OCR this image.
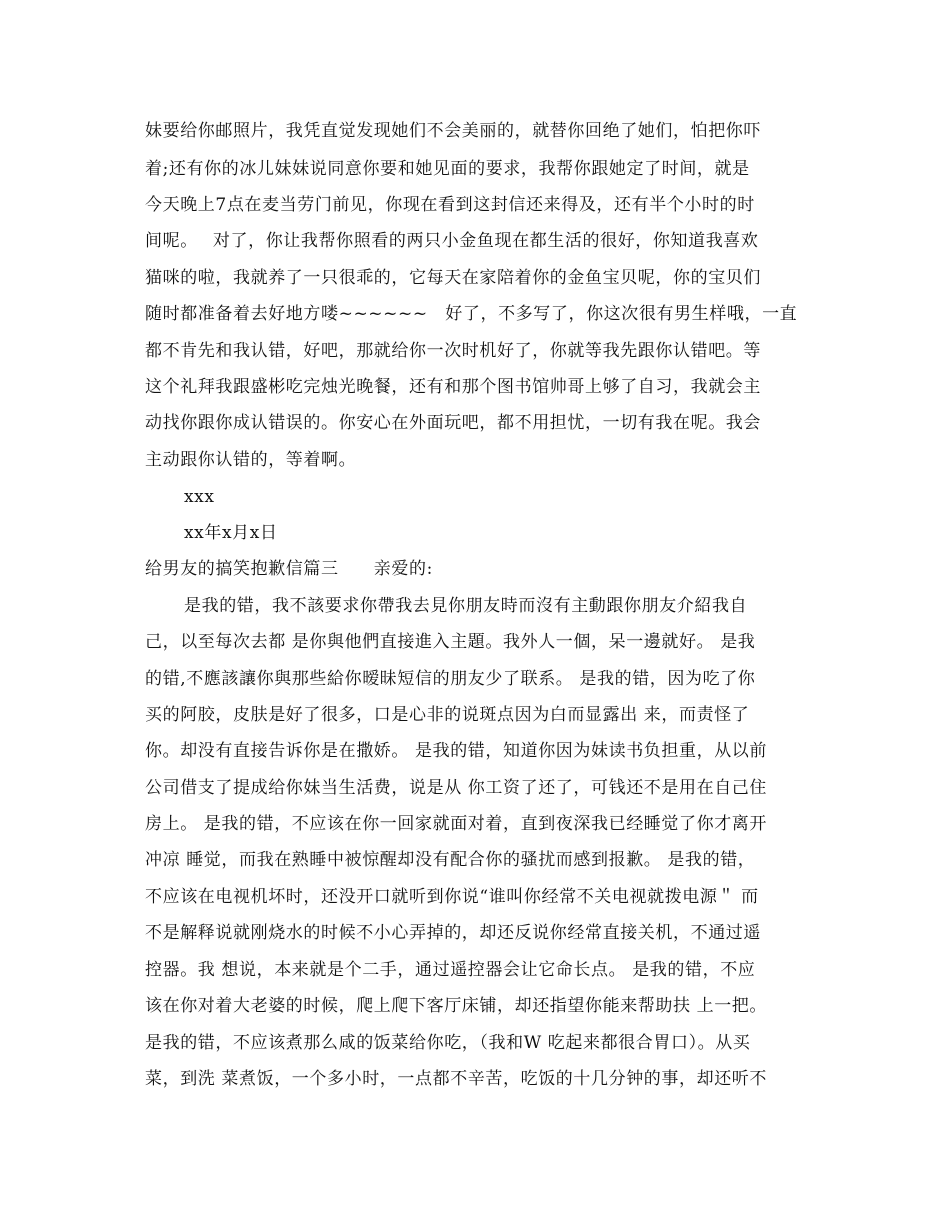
妹要给你邮照片，我凭直觉发现她们不会美丽的，就替你回绝了她们，怕把你吓
着;还有你的冰儿妹妹说同意你要和她见面的要求，我帮你跟她定了时间，就是
今天晚上7点在麦当劳门前见，你现在看到这封信还来得及，还有半个小时的时
间呢。　 对了，你让我帮你照看的两只小金鱼现在都生活的很好，你知道我喜欢
猫咪的啦，我就养了一只很乖的，它每天在家陪着你的金鱼宝贝呢，你的宝贝们
随时都准备着去好地方喽~~~~~~　好了，不多写了，你这次很有男生样哦，一直
都不肯先和我认错，好吧，那就给你一次时机好了，你就等我先跟你认错吧。等
这个礼拜我跟盛彬吃完烛光晚餐，还有和那个图书馆帅哥上够了自习，我就会主
动找你跟你成认错误的。你安心在外面玩吧，都不用担忧，一切有我在呢。我会
主动跟你认错的，等着啊。
xxx
xx年x月x日
给男友的搞笑抱歉信篇三　　亲爱的:
是我的错，我不該要求你帶我去見你朋友時而沒有主動跟你朋友介紹我自
己，以至每次去都 是你與他們直接進入主題。我外人一個，呆一邊就好。 是我
的错,不應該讓你與那些給你暧昧短信的朋友少了联系。 是我的错，因为吃了你
买的阿胶，皮肤是好了很多，口是心非的说斑点因为白而显露出 来，而责怪了
你。却没有直接告诉你是在撒娇。 是我的错，知道你因为妹读书负担重，从以前
公司借支了提成给你妹当生活费，说是从 你工资了还了，可钱还不是用在自己住
房上。 是我的错，不应该在你一回家就面对着，直到夜深我已经睡觉了你才离开
冲凉 睡觉，而我在熟睡中被惊醒却没有配合你的骚扰而感到报歉。 是我的错，
不应该在电视机坏时，还没开口就听到你说“谁叫你经常不关电视就拨电源＂ 而
不是解释说就刚烧水的时候不小心弄掉的，却还反说你经常直接关机，不通过遥
控器。我 想说，本来就是个二手，通过遥控器会让它命长点。 是我的错，不应
该在你对着大老婆的时候，爬上爬下客厅床铺，却还指望你能来帮助扶 上一把。
是我的错，不应该煮那么咸的饭菜给你吃，（我和W 吃起来都很合胃口）。从买
菜，到洗 菜煮饭，一个多小时，一点都不辛苦，吃饭的十几分钟的事，却还听不
